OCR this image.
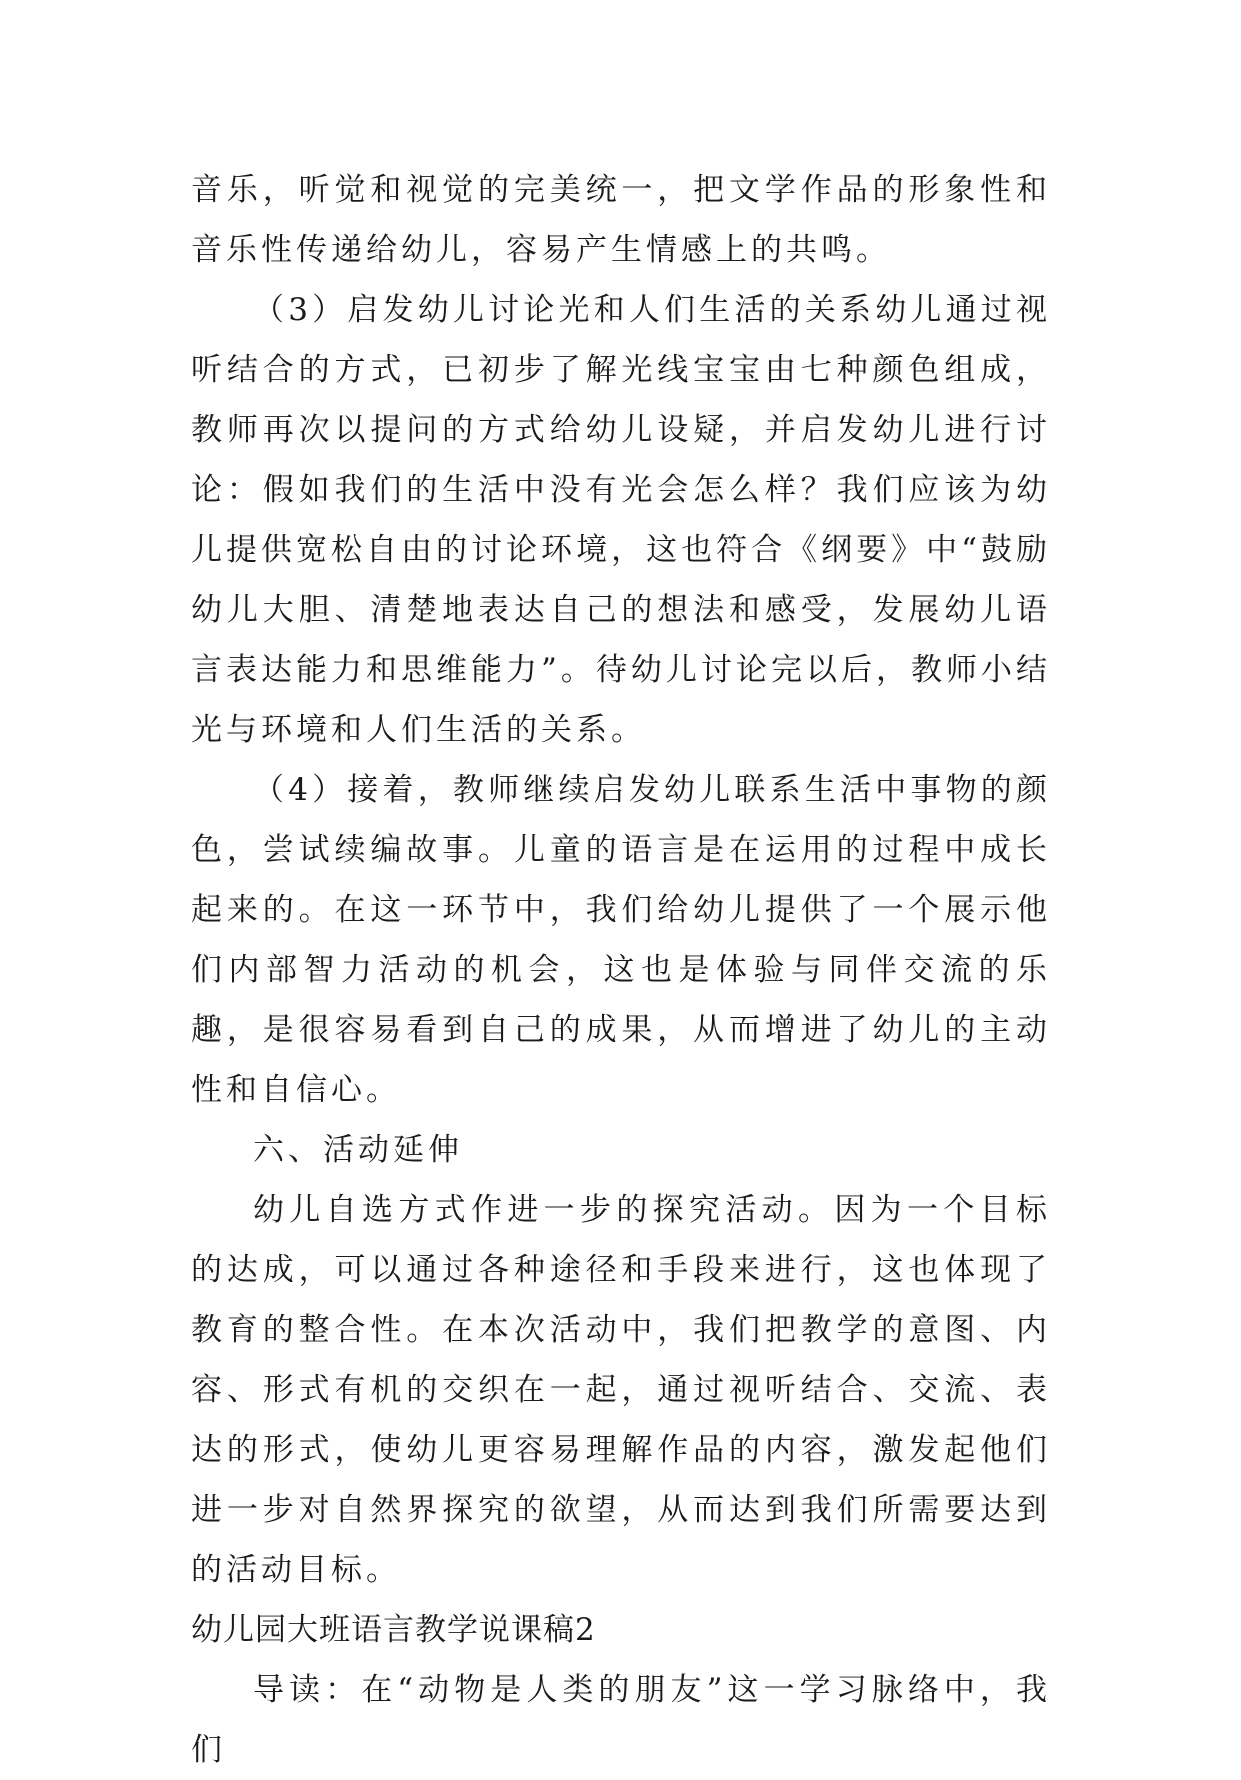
音乐，听觉和视觉的完美统一，把文学作品的形象性和音乐性传递给幼儿，容易产生情感上的共鸣。

（3）启发幼儿讨论光和人们生活的关系幼儿通过视听结合的方式，已初步了解光线宝宝由七种颜色组成，教师再次以提问的方式给幼儿设疑，并启发幼儿进行讨论：假如我们的生活中没有光会怎么样？我们应该为幼儿提供宽松自由的讨论环境，这也符合《纲要》中“鼓励幼儿大胆、清楚地表达自己的想法和感受，发展幼儿语言表达能力和思维能力”。待幼儿讨论完以后，教师小结光与环境和人们生活的关系。

（4）接着，教师继续启发幼儿联系生活中事物的颜色，尝试续编故事。儿童的语言是在运用的过程中成长起来的。在这一环节中，我们给幼儿提供了一个展示他们内部智力活动的机会，这也是体验与同伴交流的乐趣，是很容易看到自己的成果，从而增进了幼儿的主动性和自信心。

六、活动延伸

幼儿自选方式作进一步的探究活动。因为一个目标的达成，可以通过各种途径和手段来进行，这也体现了教育的整合性。在本次活动中，我们把教学的意图、内容、形式有机的交织在一起，通过视听结合、交流、表达的形式，使幼儿更容易理解作品的内容，激发起他们进一步对自然界探究的欲望，从而达到我们所需要达到的活动目标。

幼儿园大班语言教学说课稿2

导读：在“动物是人类的朋友”这一学习脉络中，我们
